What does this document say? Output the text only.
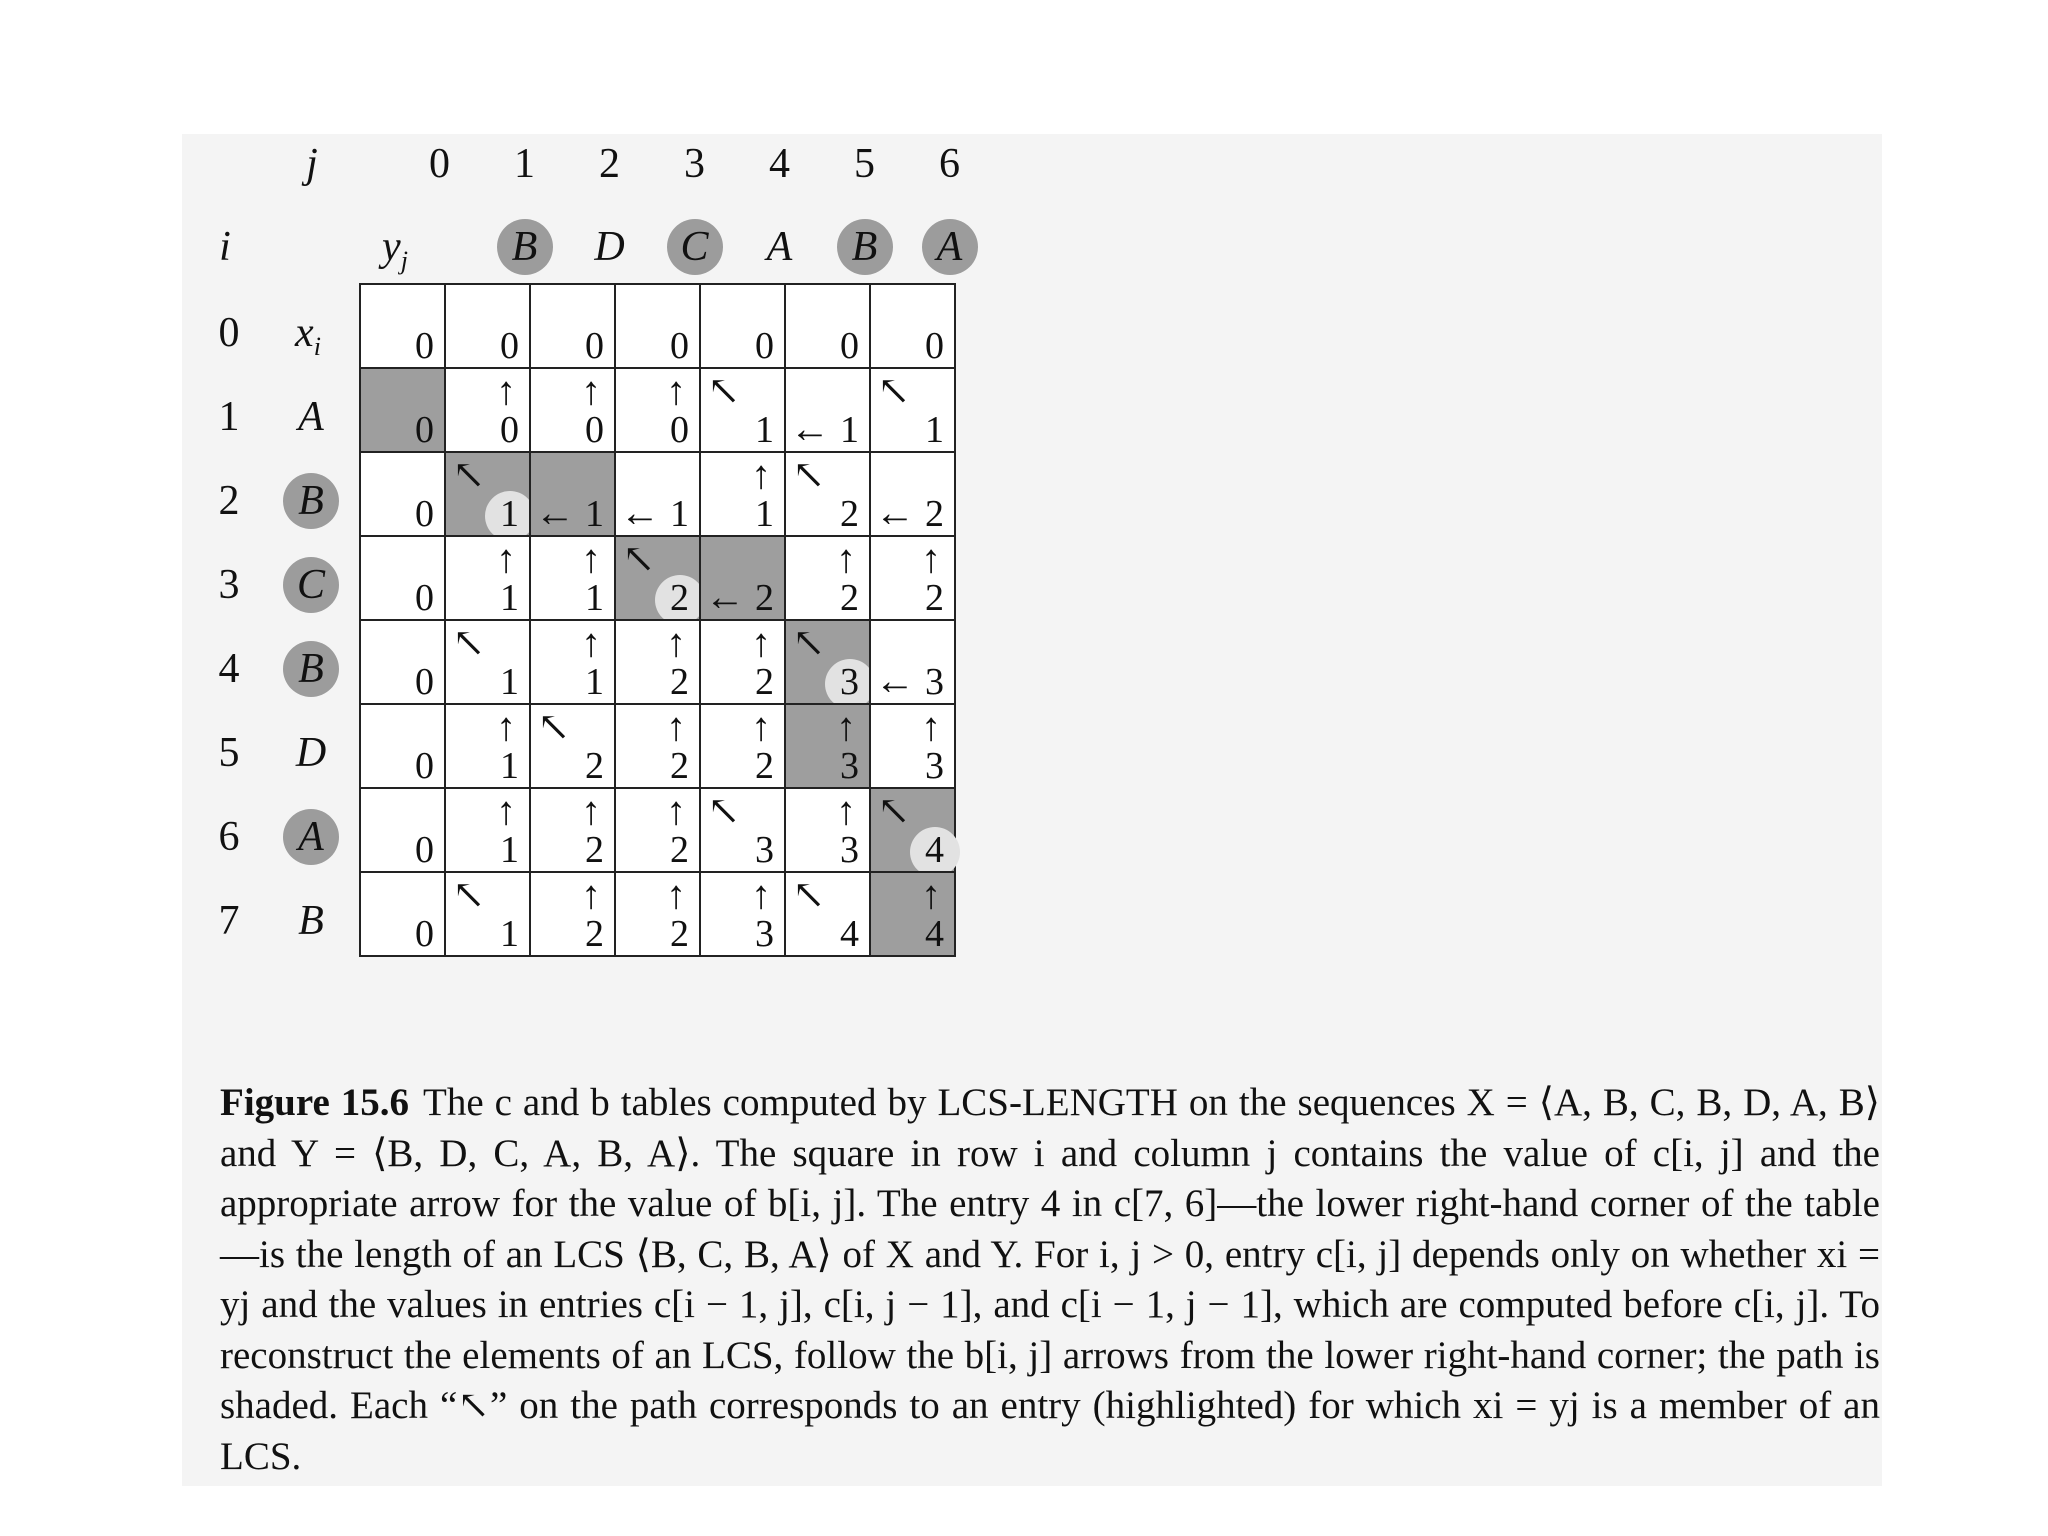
j
i	$y_j$
$x_i$
0 1 2 3 4 5 6
B D C A B A
0
1
2
3
4
5
6
7
A
B
C
B
D
A
B
0 0 0 0 0 0 0
0
↑
0
↑
0
↑
0
↖
1 ← 1
↖
1
0
↖
1 ← 1 ← 1
↑
1
↖
2 ← 2
0
↑
1
↑
1
↖
2 ← 2
↑
2
↑
2
0
↖
1
↑
1
↑
2
↑
2
↖
3 ← 3
0
↑
1
↖
2
↑
2
↑
2
↑
3
↑
3
0
↑
1
↑
2
↑
2
↖
3
↑
3
↖
4
0
↖
1
↑
2
↑
2
↑
3
↖
4
↑
4
Figure 15.6 The c and b tables computed by LCS-LENGTH on the sequences X = ⟨A, B, C, B, D, A, B⟩ and Y = ⟨B, D, C, A, B, A⟩. The square in row i and column j contains the value of c[i, j] and the appropriate arrow for the value of b[i, j]. The entry 4 in c[7, 6]—the lower right-hand corner of the table—is the length of an LCS ⟨B, C, B, A⟩ of X and Y. For i, j > 0, entry c[i, j] depends only on whether xi = yj and the values in entries c[i − 1, j], c[i, j − 1], and c[i − 1, j − 1], which are computed before c[i, j]. To reconstruct the elements of an LCS, follow the b[i, j] arrows from the lower right-hand corner; the path is shaded. Each “↖” on the path corresponds to an entry (highlighted) for which xi = yj is a member of an LCS.
